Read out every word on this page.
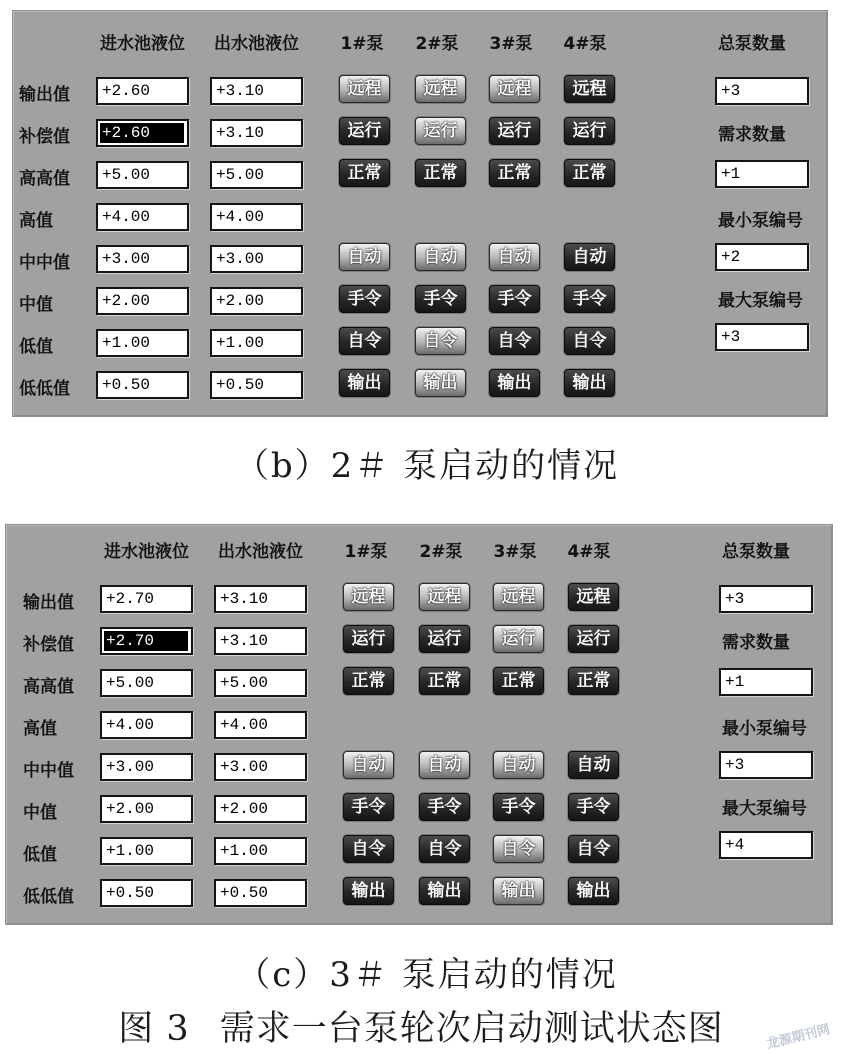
进水池液位 出水池液位	1#泵	2#泵	3#泵	4#泵
输出值 +2.60	+3.10	远程	远程	远程	远程
补偿值 +2.60	+3.10	运行	运行	运行	运行
高高值 +5.00	+5.00	正常	正常	正常	正常
高值	+4.00	+4.00
中中值 +3.00	+3.00	自动	自动	自动	自动
中值	+2.00	+2.00	手令	手令	手令	手令
低值	+1.00	+1.00	自令	自令	自令	自令
低低值 +0.50	+0.50	输出	输出	输出	输出
总泵数量
+3
需求数量
+1
最小泵编号
+2
最大泵编号
+3
（b）2＃ 泵启动的情况
进水池液位 出水池液位	1#泵	2#泵	3#泵	4#泵
输出值 +2.70	+3.10	远程	远程	远程	远程
补偿值 +2.70	+3.10	运行	运行	运行	运行
高高值 +5.00	+5.00	正常	正常	正常	正常
高值	+4.00	+4.00
中中值 +3.00	+3.00	自动	自动	自动	自动
中值	+2.00	+2.00	手令	手令	手令	手令
低值	+1.00	+1.00	自令	自令	自令	自令
低低值 +0.50	+0.50	输出	输出	输出	输出
总泵数量
+3
需求数量
+1
最小泵编号
+3
最大泵编号
+4
（c）3＃ 泵启动的情况
图 3 需求一台泵轮次启动测试状态图	龙源期刊网
